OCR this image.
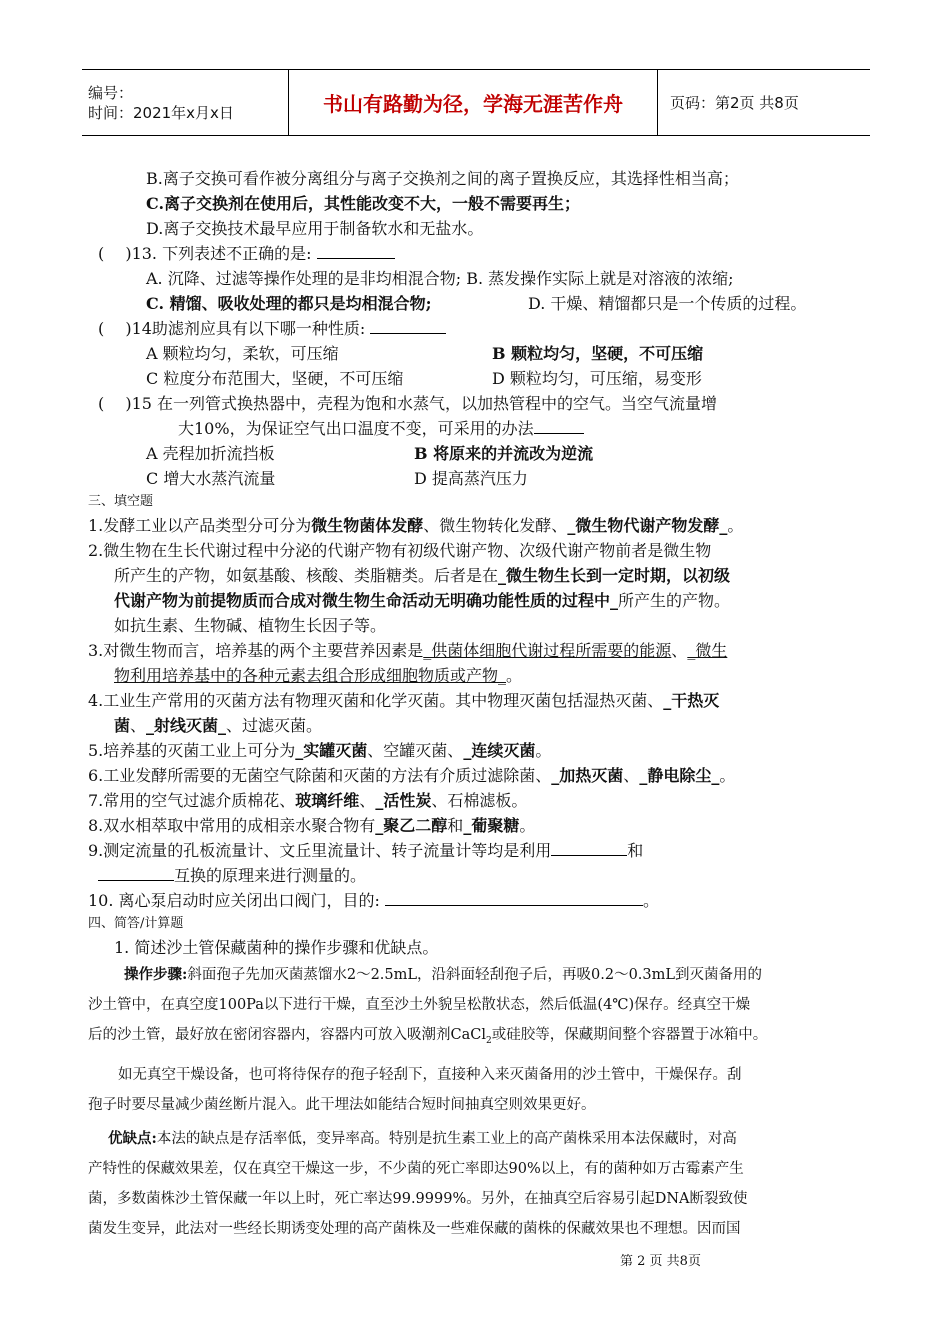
编号：
时间：2021年x月x日	书山有路勤为径，学海无涯苦作舟	页码：第2页 共8页
B.离子交换可看作被分离组分与离子交换剂之间的离子置换反应，其选择性相当高；
C.离子交换剂在使用后，其性能改变不大，一般不需要再生；
D.离子交换技术最早应用于制备软水和无盐水。
(　 )13. 下列表述不正确的是:
A. 沉降、过滤等操作处理的是非均相混合物; B. 蒸发操作实际上就是对溶液的浓缩;
C. 精馏、吸收处理的都只是均相混合物;	D. 干燥、精馏都只是一个传质的过程。
(　 )14助滤剂应具有以下哪一种性质:
A 颗粒均匀，柔软，可压缩	B 颗粒均匀，坚硬，不可压缩
C 粒度分布范围大，坚硬，不可压缩	D 颗粒均匀，可压缩，易变形
(　 )15 在一列管式换热器中，壳程为饱和水蒸气，以加热管程中的空气。当空气流量增
大10%，为保证空气出口温度不变，可采用的办法
A 壳程加折流挡板	B 将原来的并流改为逆流
C 增大水蒸汽流量	D 提高蒸汽压力
三、填空题
1.发酵工业以产品类型分可分为微生物菌体发酵、微生物转化发酵、_微生物代谢产物发酵_。
2.微生物在生长代谢过程中分泌的代谢产物有初级代谢产物、次级代谢产物前者是微生物
所产生的产物，如氨基酸、核酸、类脂糖类。后者是在_微生物生长到一定时期，以初级
代谢产物为前提物质而合成对微生物生命活动无明确功能性质的过程中_所产生的产物。
如抗生素、生物碱、植物生长因子等。
3.对微生物而言，培养基的两个主要营养因素是_供菌体细胞代谢过程所需要的能源、_微生
物利用培养基中的各种元素去组合形成细胞物质或产物_。
4.工业生产常用的灭菌方法有物理灭菌和化学灭菌。其中物理灭菌包括湿热灭菌、_干热灭
菌、_射线灭菌_、过滤灭菌。
5.培养基的灭菌工业上可分为_实罐灭菌、空罐灭菌、_连续灭菌。
6.工业发酵所需要的无菌空气除菌和灭菌的方法有介质过滤除菌、_加热灭菌、_静电除尘_。
7.常用的空气过滤介质棉花、玻璃纤维、_活性炭、石棉滤板。
8.双水相萃取中常用的成相亲水聚合物有_聚乙二醇和_葡聚糖。
9.测定流量的孔板流量计、文丘里流量计、转子流量计等均是利用	和
互换的原理来进行测量的。
10. 离心泵启动时应关闭出口阀门，目的:	。
四、简答/计算题
1. 简述沙土管保藏菌种的操作步骤和优缺点。
操作步骤:斜面孢子先加灭菌蒸馏水2～2.5mL，沿斜面轻刮孢子后，再吸0.2～0.3mL到灭菌备用的
沙土管中，在真空度100Pa以下进行干燥，直至沙土外貌呈松散状态，然后低温(4℃)保存。经真空干燥
后的沙土管，最好放在密闭容器内，容器内可放入吸潮剂CaCl$_2$或硅胶等，保藏期间整个容器置于冰箱中。
如无真空干燥设备，也可将待保存的孢子轻刮下，直接种入来灭菌备用的沙土管中，干燥保存。刮
孢子时要尽量减少菌丝断片混入。此干埋法如能结合短时间抽真空则效果更好。
优缺点:本法的缺点是存活率低，变异率高。特别是抗生素工业上的高产菌株采用本法保藏时，对高
产特性的保藏效果差，仅在真空干燥这一步，不少菌的死亡率即达90%以上，有的菌种如万古霉素产生
菌，多数菌株沙土管保藏一年以上时，死亡率达99.9999%。另外，在抽真空后容易引起DNA断裂致使
菌发生变异，此法对一些经长期诱变处理的高产菌株及一些难保藏的菌株的保藏效果也不理想。因而国
第 2 页 共8页
